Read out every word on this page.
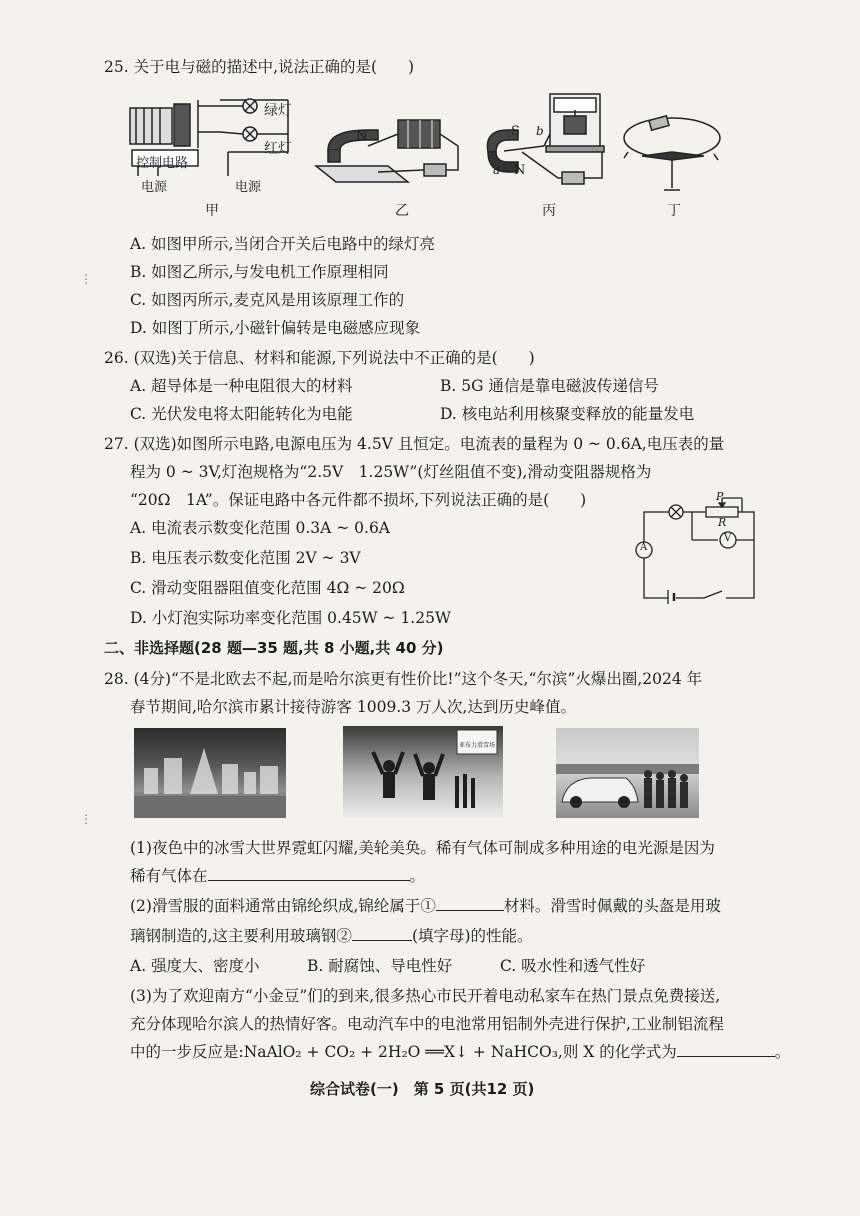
25. 关于电与磁的描述中,说法正确的是(　　)
绿灯
红灯
控制电路
电源	电源
N	S
N
a
b
甲	乙	丙	丁
A. 如图甲所示,当闭合开关后电路中的绿灯亮
B. 如图乙所示,与发电机工作原理相同
C. 如图丙所示,麦克风是用该原理工作的
D. 如图丁所示,小磁针偏转是电磁感应现象
26. (双选)关于信息、材料和能源,下列说法中不正确的是(　　)
A. 超导体是一种电阻很大的材料	B. 5G 通信是靠电磁波传递信号
C. 光伏发电将太阳能转化为电能	D. 核电站利用核聚变释放的能量发电
27. (双选)如图所示电路,电源电压为 4.5V 且恒定。电流表的量程为 0 ~ 0.6A,电压表的量
程为 0 ~ 3V,灯泡规格为“2.5V　1.25W”(灯丝阻值不变),滑动变阻器规格为
“20Ω　1A”。保证电路中各元件都不损坏,下列说法正确的是(　　)
A. 电流表示数变化范围 0.3A ~ 0.6A
B. 电压表示数变化范围 2V ~ 3V
C. 滑动变阻器阻值变化范围 4Ω ~ 20Ω
D. 小灯泡实际功率变化范围 0.45W ~ 1.25W
P
R
A
V
二、非选择题(28 题—35 题,共 8 小题,共 40 分)
28. (4分)“不是北欧去不起,而是哈尔滨更有性价比!”这个冬天,“尔滨”火爆出圈,2024 年
春节期间,哈尔滨市累计接待游客 1009.3 万人次,达到历史峰值。
亚布力滑雪场
(1)夜色中的冰雪大世界霓虹闪耀,美轮美奂。稀有气体可制成多种用途的电光源是因为
稀有气体在	。
(2)滑雪服的面料通常由锦纶织成,锦纶属于①	材料。滑雪时佩戴的头盔是用玻
璃钢制造的,这主要利用玻璃钢②	(填字母)的性能。
A. 强度大、密度小	B. 耐腐蚀、导电性好	C. 吸水性和透气性好
(3)为了欢迎南方“小金豆”们的到来,很多热心市民开着电动私家车在热门景点免费接送,
充分体现哈尔滨人的热情好客。电动汽车中的电池常用铝制外壳进行保护,工业制铝流程
中的一步反应是:NaAlO₂ + CO₂ + 2H₂O ══X↓ + NaHCO₃,则 X 的化学式为	。
综合试卷(一)　第 5 页(共12 页)
⋮
⋮
